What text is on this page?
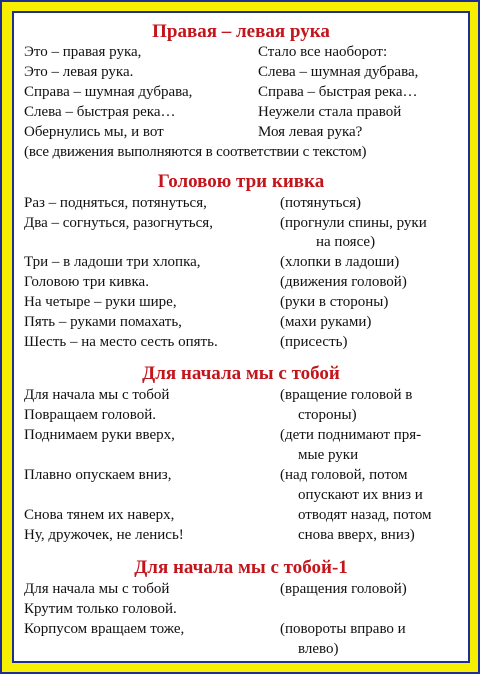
Правая – левая рука
Это – правая рука,
Это – левая рука.
Справа – шумная дубрава,
Слева – быстрая река…
Обернулись мы, и вот
Стало все наоборот:
Слева – шумная дубрава,
Справа – быстрая река…
Неужели стала правой
Моя левая рука?
(все движения выполняются в соответствии с текстом)
Головою три кивка
Раз – подняться, потянуться,
Два – согнуться, разогнуться,
Три – в ладоши три хлопка,
Головою три кивка.
На четыре – руки шире,
Пять – руками помахать,
Шесть – на место сесть опять.
(потянуться)
(прогнули спины, руки
на поясе)
(хлопки в ладоши)
(движения головой)
(руки в стороны)
(махи руками)
(присесть)
Для начала мы с тобой
Для начала мы с тобой
Повращаем головой.
Поднимаем руки вверх,
Плавно опускаем вниз,
Снова тянем их наверх,
Ну, дружочек, не ленись!
(вращение головой в
стороны)
(дети поднимают пря-
мые руки
(над головой, потом
опускают их вниз и
отводят назад, потом
снова вверх, вниз)
Для начала мы с тобой-1
Для начала мы с тобой
Крутим только головой.
Корпусом вращаем тоже,
(вращения головой)
(повороты вправо и
влево)
